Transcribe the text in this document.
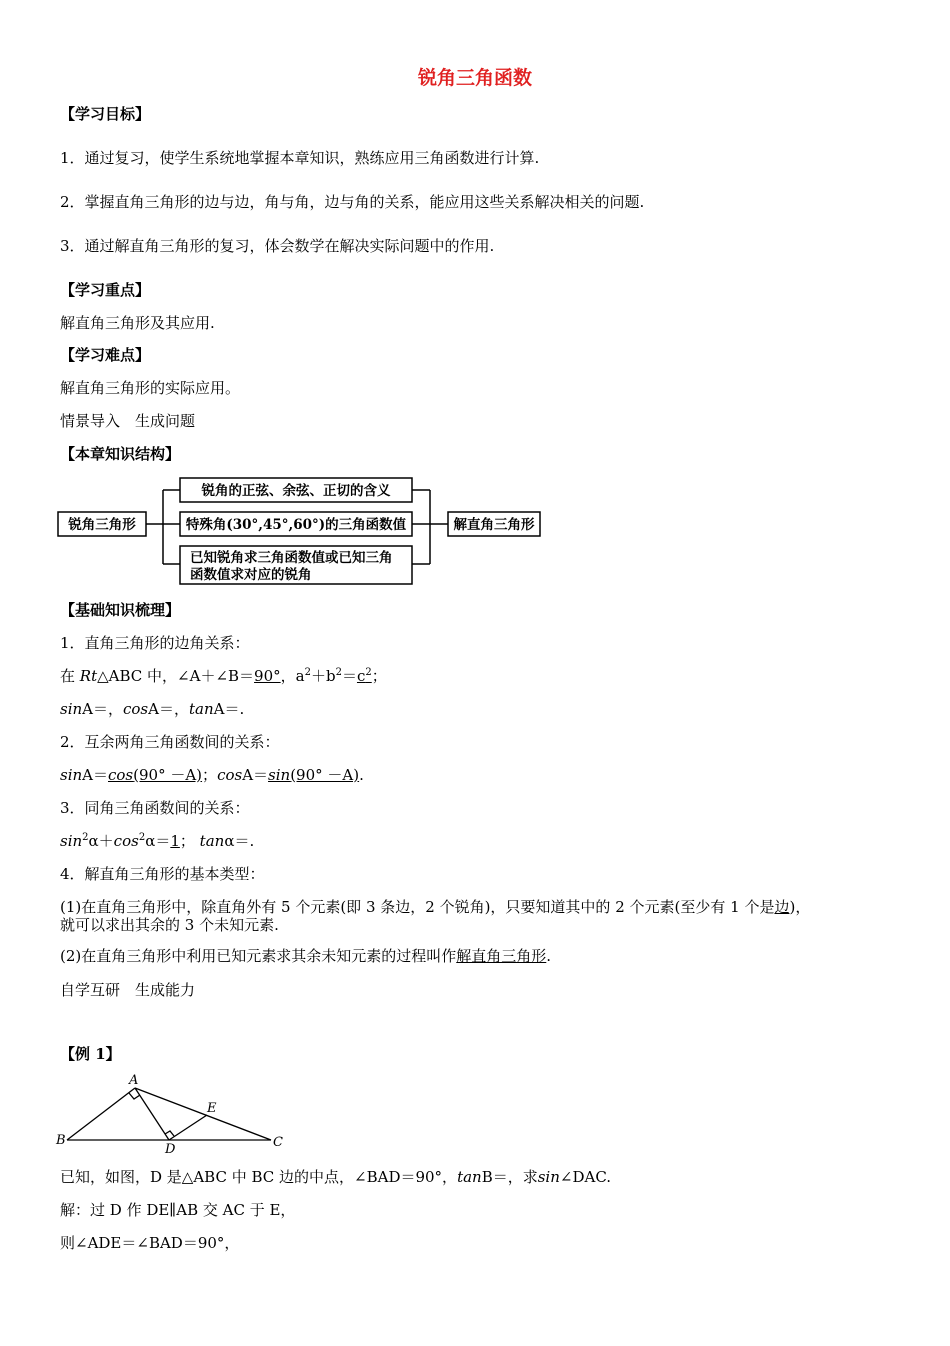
锐角三角函数
【学习目标】
1．通过复习，使学生系统地掌握本章知识，熟练应用三角函数进行计算.
2．掌握直角三角形的边与边，角与角，边与角的关系，能应用这些关系解决相关的问题.
3．通过解直角三角形的复习，体会数学在解决实际问题中的作用.
【学习重点】
解直角三角形及其应用.
【学习难点】
解直角三角形的实际应用。
情景导入　生成问题
【本章知识结构】
锐角三角形
锐角的正弦、余弦、正切的含义
特殊角(30°,45°,60°)的三角函数值
已知锐角求三角函数值或已知三角
函数值求对应的锐角
解直角三角形
【基础知识梳理】
1．直角三角形的边角关系：
在 Rt△ABC 中，∠A＋∠B＝90°，$a^2+b^2=c^2$；
sinA＝，cosA＝，tanA＝.
2．互余两角三角函数间的关系：
sinA＝cos(90° －A)；cosA＝sin(90° －A).
3．同角三角函数间的关系：
$\sin^2\alpha+\cos^2\alpha=1$； tanα＝.
4．解直角三角形的基本类型：
(1)在直角三角形中，除直角外有 5 个元素(即 3 条边，2 个锐角)，只要知道其中的 2 个元素(至少有 1 个是边)，
就可以求出其余的 3 个未知元素.
(2)在直角三角形中利用已知元素求其余未知元素的过程叫作解直角三角形.
自学互研　生成能力
【例 1】
A
B	C
D
E
已知，如图，D 是△ABC 中 BC 边的中点，∠BAD＝90°，tanB＝，求sin∠DAC.
解：过 D 作 DE∥AB 交 AC 于 E，
则∠ADE＝∠BAD＝90°，
